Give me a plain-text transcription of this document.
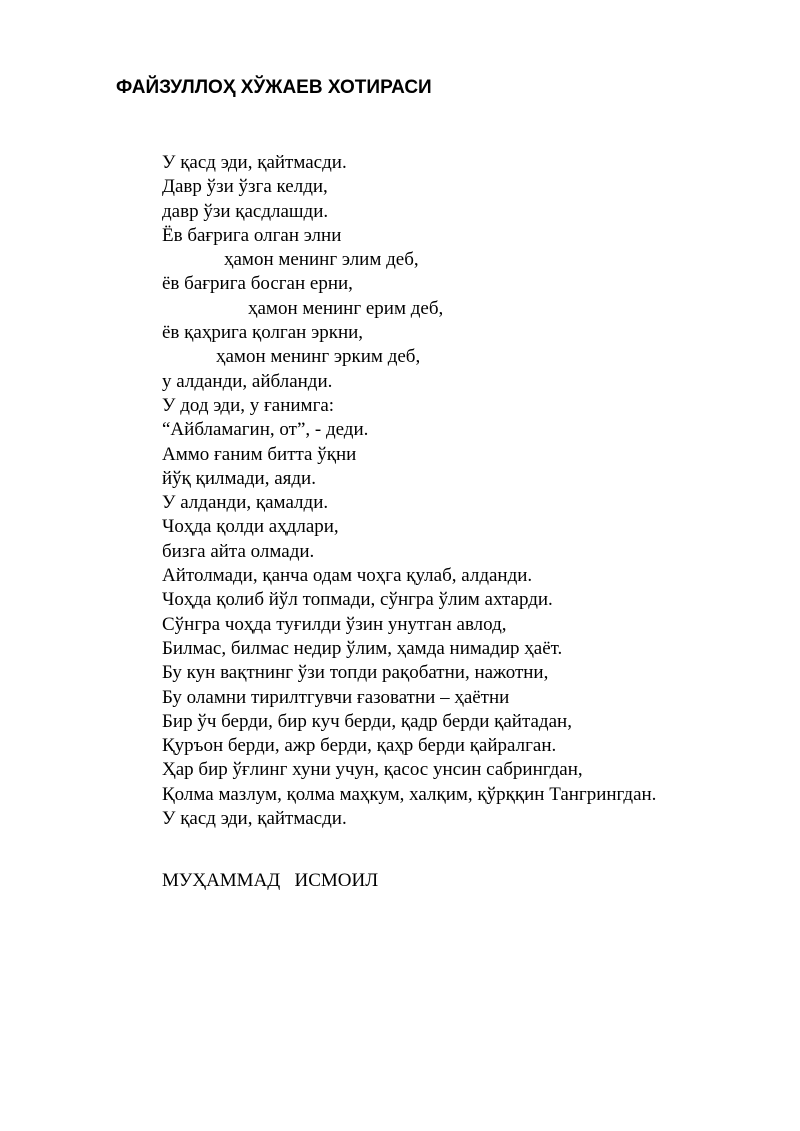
ФАЙЗУЛЛОҲ ХЎЖАЕВ ХОТИРАСИ
У қасд эди, қайтмасди.
Давр ўзи ўзга келди,
давр ўзи қасдлашди.
Ёв бағрига олган элни
ҳамон менинг элим деб,
ёв бағрига босган ерни,
ҳамон менинг ерим деб,
ёв қаҳрига қолган эркни,
ҳамон менинг эрким деб,
у алданди, айбланди.
У дод эди, у ғанимга:
“Айбламагин, от”, - деди.
Аммо ғаним битта ўқни
йўқ қилмади, аяди.
У алданди, қамалди.
Чоҳда қолди аҳдлари,
бизга айта олмади.
Айтолмади, қанча одам чоҳга қулаб, алданди.
Чоҳда қолиб йўл топмади, сўнгра ўлим ахтарди.
Сўнгра чоҳда туғилди ўзин унутган авлод,
Билмас, билмас недир ўлим, ҳамда нимадир ҳаёт.
Бу кун вақтнинг ўзи топди рақобатни, нажотни,
Бу оламни тирилтгувчи ғазоватни – ҳаётни
Бир ўч берди, бир куч берди, қадр берди қайтадан,
Қуръон берди, ажр берди, қаҳр берди қайралган.
Ҳар бир ўғлинг хуни учун, қасос унсин сабрингдан,
Қолма мазлум, қолма маҳкум, халқим, қўрққин Тангрингдан.
У қасд эди, қайтмасди.

МУҲАММАД   ИСМОИЛ
